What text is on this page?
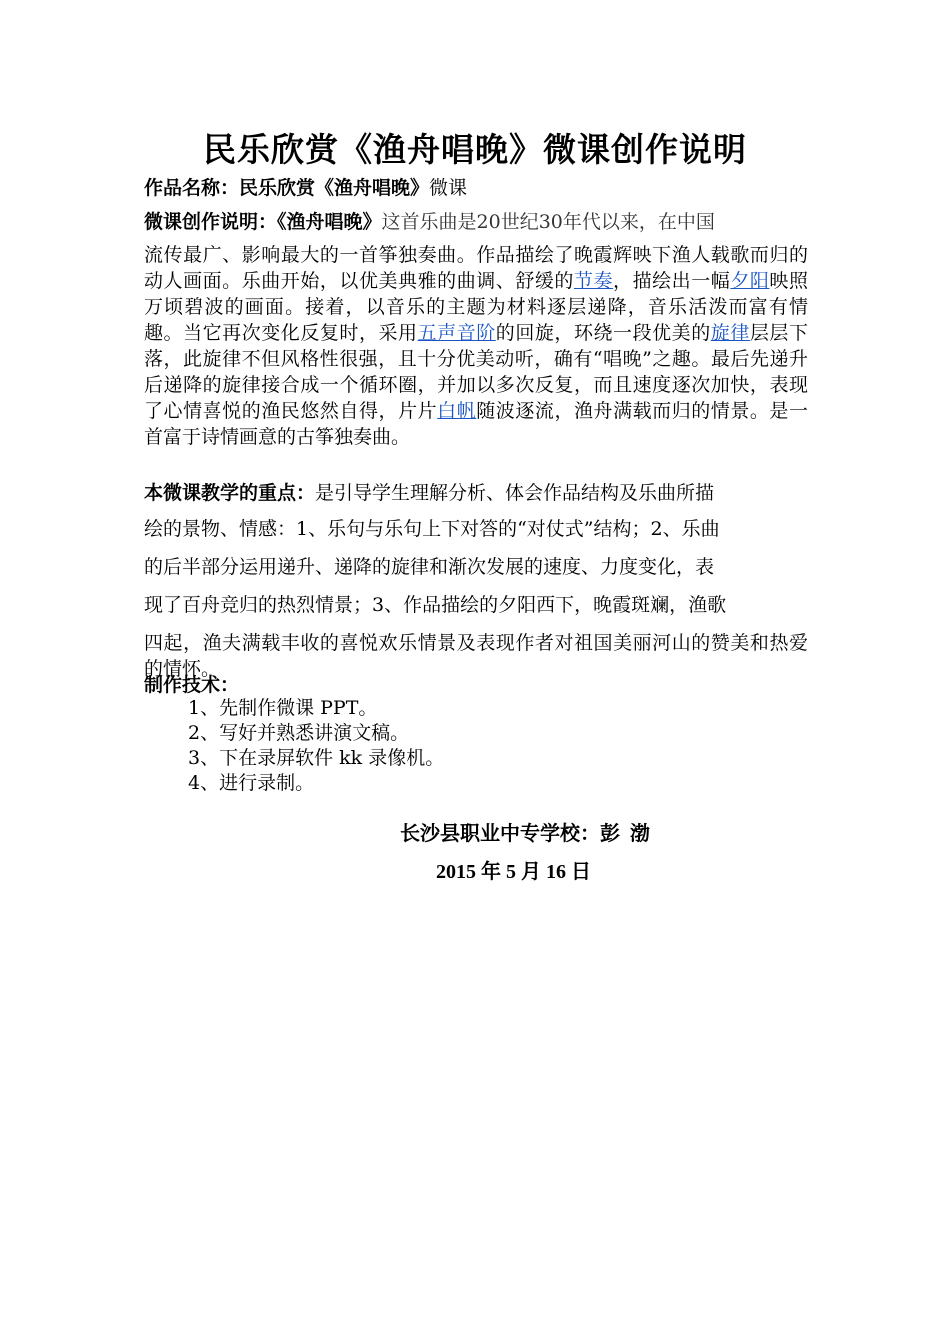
民乐欣赏《渔舟唱晚》微课创作说明
作品名称：民乐欣赏《渔舟唱晚》微课
微课创作说明：《渔舟唱晚》这首乐曲是20世纪30年代以来，在中国
流传最广、影响最大的一首筝独奏曲。作品描绘了晚霞辉映下渔人载歌而归的动人画面。乐曲开始，以优美典雅的曲调、舒缓的节奏，描绘出一幅夕阳映照万顷碧波的画面。接着，以音乐的主题为材料逐层递降，音乐活泼而富有情趣。当它再次变化反复时，采用五声音阶的回旋，环绕一段优美的旋律层层下落，此旋律不但风格性很强，且十分优美动听，确有“唱晚”之趣。最后先递升后递降的旋律接合成一个循环圈，并加以多次反复，而且速度逐次加快，表现了心情喜悦的渔民悠然自得，片片白帆随波逐流，渔舟满载而归的情景。是一首富于诗情画意的古筝独奏曲。
本微课教学的重点：是引导学生理解分析、体会作品结构及乐曲所描
绘的景物、情感：1、乐句与乐句上下对答的“对仗式”结构；2、乐曲
的后半部分运用递升、递降的旋律和渐次发展的速度、力度变化，表
现了百舟竞归的热烈情景；3、作品描绘的夕阳西下，晚霞斑斓，渔歌
四起，渔夫满载丰收的喜悦欢乐情景及表现作者对祖国美丽河山的赞美和热爱的情怀。
制作技术：
1、先制作微课 PPT。
2、写好并熟悉讲演文稿。
3、下在录屏软件 kk 录像机。
4、进行录制。
长沙县职业中专学校：彭  渤
2015 年 5 月 16 日
